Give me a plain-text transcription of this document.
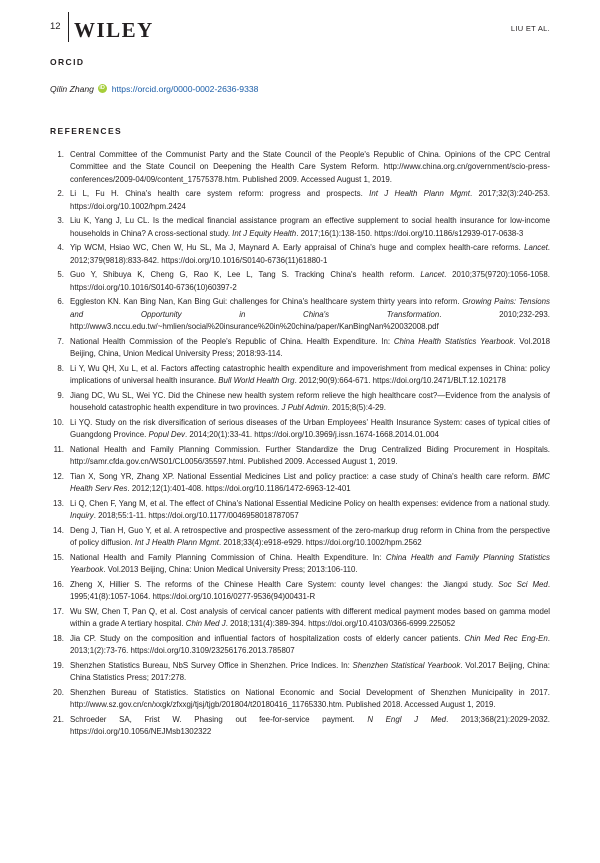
12 WILEY	LIU ET AL.
ORCID
Qilin Zhang iD https://orcid.org/0000-0002-2636-9338
REFERENCES
1. Central Committee of the Communist Party and the State Council of the People's Republic of China. Opinions of the CPC Central Committee and the State Council on Deepening the Health Care System Reform. http://www.china.org.cn/government/scio-press-conferences/2009-04/09/content_17575378.htm. Published 2009. Accessed August 1, 2019.
2. Li L, Fu H. China's health care system reform: progress and prospects. Int J Health Plann Mgmt. 2017;32(3):240-253. https://doi.org/10.1002/hpm.2424
3. Liu K, Yang J, Lu CL. Is the medical financial assistance program an effective supplement to social health insurance for low-income households in China? A cross-sectional study. Int J Equity Health. 2017;16(1):138-150. https://doi.org/10.1186/s12939-017-0638-3
4. Yip WCM, Hsiao WC, Chen W, Hu SL, Ma J, Maynard A. Early appraisal of China's huge and complex health-care reforms. Lancet. 2012;379(9818):833-842. https://doi.org/10.1016/S0140-6736(11)61880-1
5. Guo Y, Shibuya K, Cheng G, Rao K, Lee L, Tang S. Tracking China's health reform. Lancet. 2010;375(9720):1056-1058. https://doi.org/10.1016/S0140-6736(10)60397-2
6. Eggleston KN. Kan Bing Nan, Kan Bing Gui: challenges for China's healthcare system thirty years into reform. Growing Pains: Tensions and Opportunity in China's Transformation. 2010;232-293. http://www3.nccu.edu.tw/~hmlien/social%20insurance%20in%20china/paper/KanBingNan%20032008.pdf
7. National Health Commission of the People's Republic of China. Health Expenditure. In: China Health Statistics Yearbook. Vol.2018 Beijing, China, Union Medical University Press; 2018:93-114.
8. Li Y, Wu QH, Xu L, et al. Factors affecting catastrophic health expenditure and impoverishment from medical expenses in China: policy implications of universal health insurance. Bull World Health Org. 2012;90(9):664-671. https://doi.org/10.2471/BLT.12.102178
9. Jiang DC, Wu SL, Wei YC. Did the Chinese new health system reform relieve the high healthcare cost?—Evidence from the analysis of household catastrophic health expenditure in two provinces. J Publ Admin. 2015;8(5):4-29.
10. Li YQ. Study on the risk diversification of serious diseases of the Urban Employees' Health Insurance System: cases of typical cities of Guangdong Province. Popul Dev. 2014;20(1):33-41. https://doi.org/10.3969/j.issn.1674-1668.2014.01.004
11. National Health and Family Planning Commission. Further Standardize the Drug Centralized Biding Procurement in Hospitals. http://samr.cfda.gov.cn/WS01/CL0056/35597.html. Published 2009. Accessed August 1, 2019.
12. Tian X, Song YR, Zhang XP. National Essential Medicines List and policy practice: a case study of China's health care reform. BMC Health Serv Res. 2012;12(1):401-408. https://doi.org/10.1186/1472-6963-12-401
13. Li Q, Chen F, Yang M, et al. The effect of China's National Essential Medicine Policy on health expenses: evidence from a national study. Inquiry. 2018;55:1-11. https://doi.org/10.1177/0046958018787057
14. Deng J, Tian H, Guo Y, et al. A retrospective and prospective assessment of the zero-markup drug reform in China from the perspective of policy diffusion. Int J Health Plann Mgmt. 2018;33(4):e918-e929. https://doi.org/10.1002/hpm.2562
15. National Health and Family Planning Commission of China. Health Expenditure. In: China Health and Family Planning Statistics Yearbook. Vol.2013 Beijing, China: Union Medical University Press; 2013:106-110.
16. Zheng X, Hillier S. The reforms of the Chinese Health Care System: county level changes: the Jiangxi study. Soc Sci Med. 1995;41(8):1057-1064. https://doi.org/10.1016/0277-9536(94)00431-R
17. Wu SW, Chen T, Pan Q, et al. Cost analysis of cervical cancer patients with different medical payment modes based on gamma model within a grade A tertiary hospital. Chin Med J. 2018;131(4):389-394. https://doi.org/10.4103/0366-6999.225052
18. Jia CP. Study on the composition and influential factors of hospitalization costs of elderly cancer patients. Chin Med Rec Eng-En. 2013;1(2):73-76. https://doi.org/10.3109/23256176.2013.785807
19. Shenzhen Statistics Bureau, NbS Survey Office in Shenzhen. Price Indices. In: Shenzhen Statistical Yearbook. Vol.2017 Beijing, China: China Statistics Press; 2017:278.
20. Shenzhen Bureau of Statistics. Statistics on National Economic and Social Development of Shenzhen Municipality in 2017. http://www.sz.gov.cn/cn/xxgk/zfxxgj/tjsj/tjgb/201804/t20180416_11765330.htm. Published 2018. Accessed August 1, 2019.
21. Schroeder SA, Frist W. Phasing out fee-for-service payment. N Engl J Med. 2013;368(21):2029-2032. https://doi.org/10.1056/NEJMsb1302322
